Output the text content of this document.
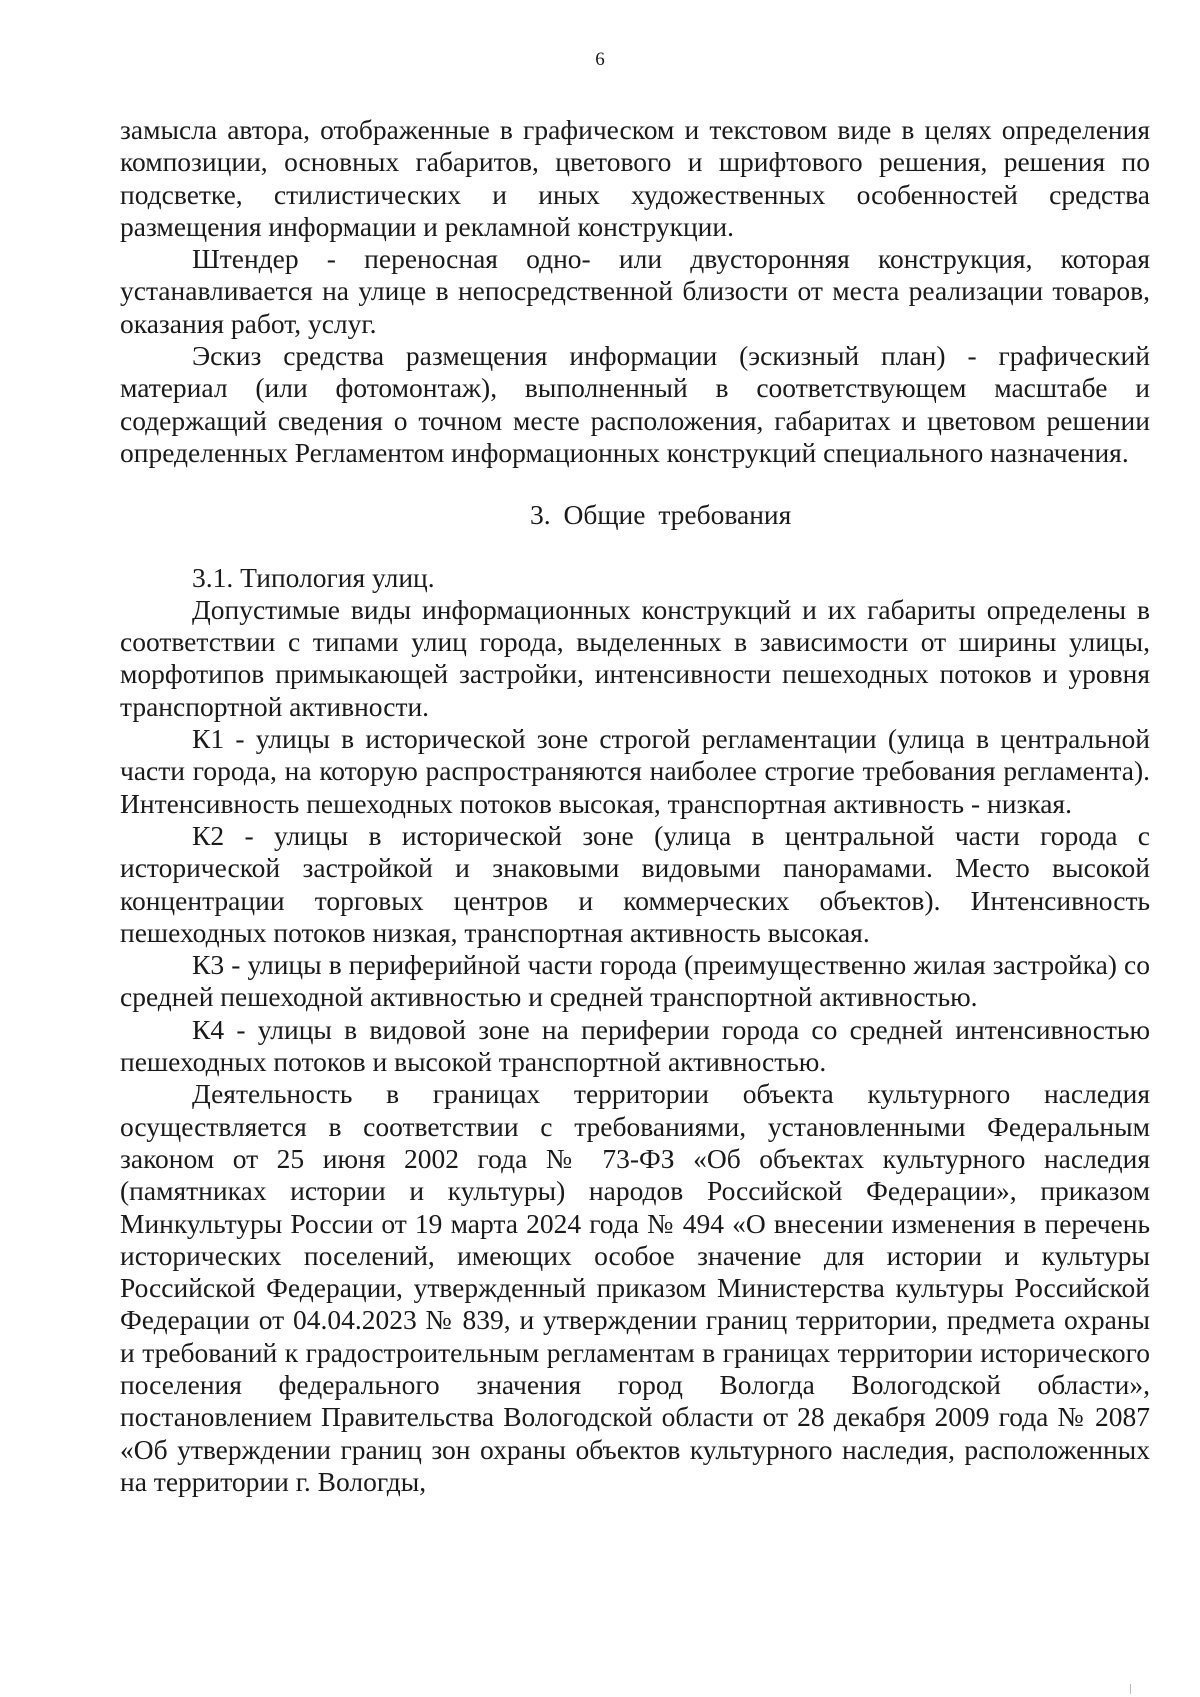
6

замысла автора, отображенные в графическом и текстовом виде в целях определения композиции, основных габаритов, цветового и шрифтового решения, решения по подсветке, стилистических и иных художественных особенностей средства размещения информации и рекламной конструкции.

Штендер - переносная одно- или двусторонняя конструкция, которая устанавливается на улице в непосредственной близости от места реализации товаров, оказания работ, услуг.

Эскиз средства размещения информации (эскизный план) - графический материал (или фотомонтаж), выполненный в соответствующем масштабе и содержащий сведения о точном месте расположения, габаритах и цветовом решении определенных Регламентом информационных конструкций специального назначения.

3. Общие требования

3.1. Типология улиц.

Допустимые виды информационных конструкций и их габариты определены в соответствии с типами улиц города, выделенных в зависимости от ширины улицы, морфотипов примыкающей застройки, интенсивности пешеходных потоков и уровня транспортной активности.

К1 - улицы в исторической зоне строгой регламентации (улица в центральной части города, на которую распространяются наиболее строгие требования регламента). Интенсивность пешеходных потоков высокая, транспортная активность - низкая.

К2 - улицы в исторической зоне (улица в центральной части города с исторической застройкой и знаковыми видовыми панорамами. Место высокой концентрации торговых центров и коммерческих объектов). Интенсивность пешеходных потоков низкая, транспортная активность высокая.

К3 - улицы в периферийной части города (преимущественно жилая застройка) со средней пешеходной активностью и средней транспортной активностью.

К4 - улицы в видовой зоне на периферии города со средней интенсивностью пешеходных потоков и высокой транспортной активностью.

Деятельность в границах территории объекта культурного наследия осуществляется в соответствии с требованиями, установленными Федеральным законом от 25 июня 2002 года № 73-ФЗ «Об объектах культурного наследия (памятниках истории и культуры) народов Российской Федерации», приказом Минкультуры России от 19 марта 2024 года № 494 «О внесении изменения в перечень исторических поселений, имеющих особое значение для истории и культуры Российской Федерации, утвержденный приказом Министерства культуры Российской Федерации от 04.04.2023 № 839, и утверждении границ территории, предмета охраны и требований к градостроительным регламентам в границах территории исторического поселения федерального значения город Вологда Вологодской области», постановлением Правительства Вологодской области от 28 декабря 2009 года № 2087 «Об утверждении границ зон охраны объектов культурного наследия, расположенных на территории г. Вологды,
